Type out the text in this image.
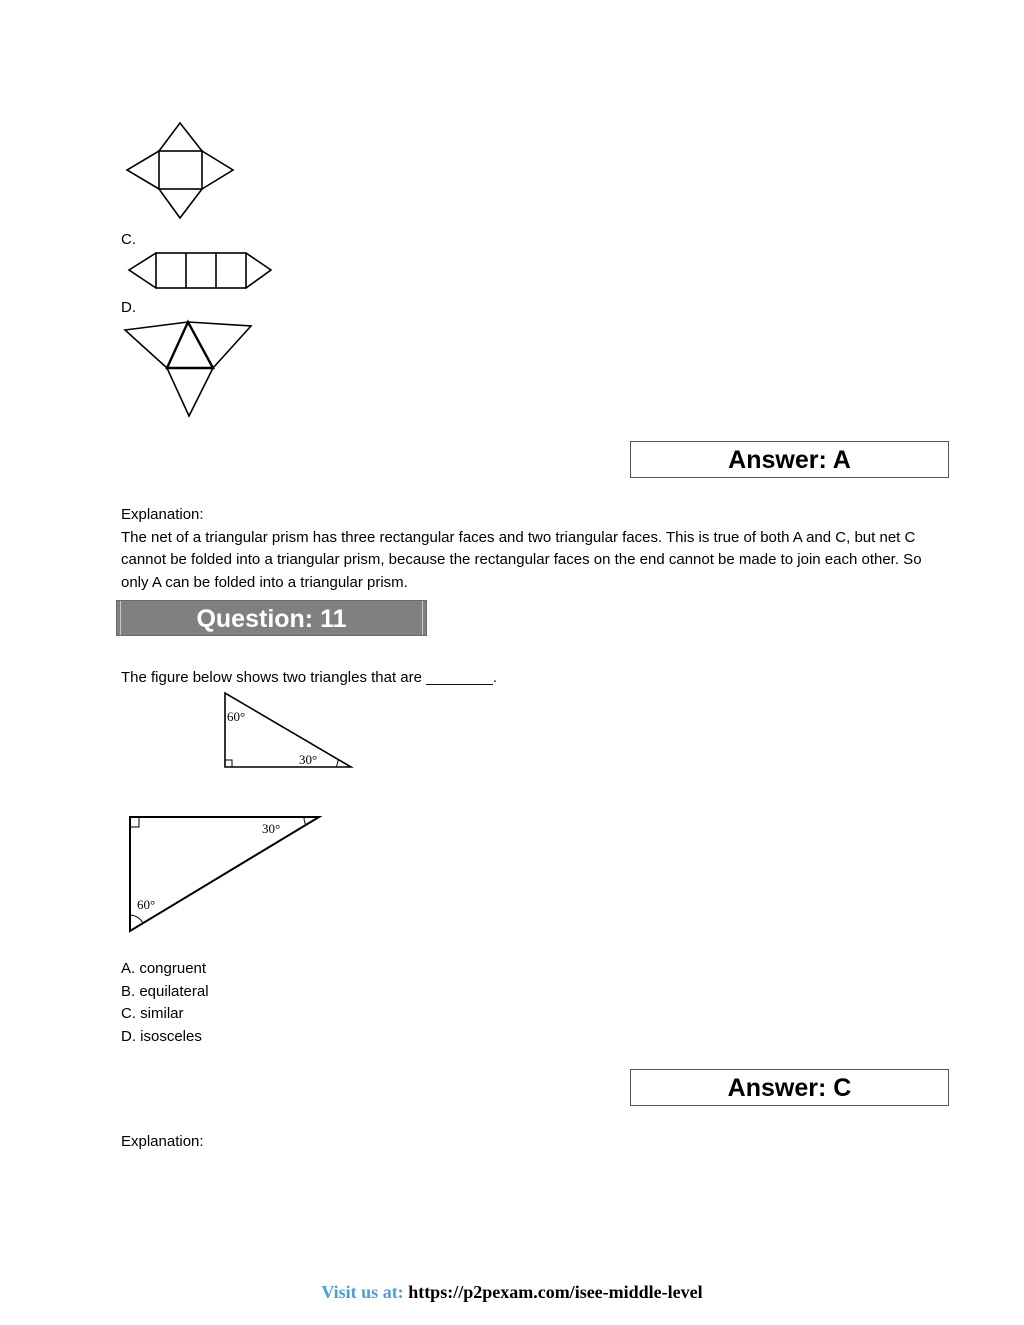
C.
D.
Answer: A
Explanation:
The net of a triangular prism has three rectangular faces and two triangular faces. This is true of both A and C, but net C cannot be folded into a triangular prism, because the rectangular faces on the end cannot be made to join each other. So only A can be folded into a triangular prism.
Question: 11
The figure below shows two triangles that are ________.
60°
30°
30°
60°
A. congruent
B. equilateral
C. similar
D. isosceles
Answer: C
Explanation:
Visit us at: https://p2pexam.com/isee-middle-level
